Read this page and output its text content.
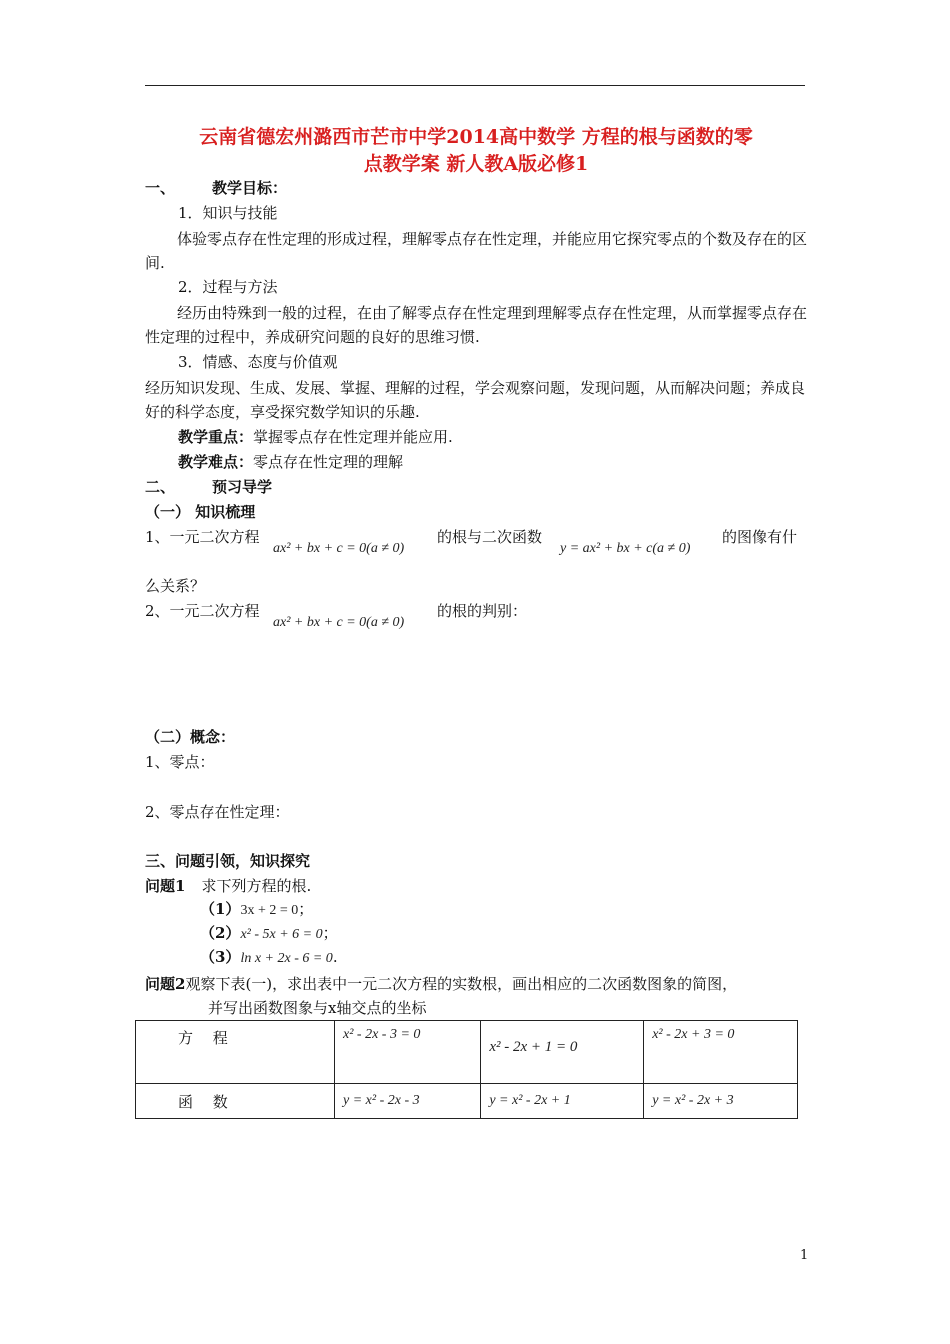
云南省德宏州潞西市芒市中学2014高中数学 方程的根与函数的零
点教学案 新人教A版必修1
一、 教学目标：
1．知识与技能
体验零点存在性定理的形成过程，理解零点存在性定理，并能应用它探究零点的个数及存在的区间.
2．过程与方法
经历由特殊到一般的过程，在由了解零点存在性定理到理解零点存在性定理，从而掌握零点存在性定理的过程中，养成研究问题的良好的思维习惯.
3．情感、态度与价值观
经历知识发现、生成、发展、掌握、理解的过程，学会观察问题，发现问题，从而解决问题；养成良好的科学态度，享受探究数学知识的乐趣.
教学重点：掌握零点存在性定理并能应用.
教学难点：零点存在性定理的理解
二、 预习导学
（一） 知识梳理
1、一元二次方程
ax² + bx + c = 0(a ≠ 0)
的根与二次函数
y = ax² + bx + c(a ≠ 0)
的图像有什
么关系？
2、一元二次方程
ax² + bx + c = 0(a ≠ 0)
的根的判别：
（二）概念：
1、零点：
2、零点存在性定理：
三、问题引领，知识探究
问题1 求下列方程的根.
（1）3x + 2 = 0；
（2）x² - 5x + 6 = 0；
（3）ln x + 2x - 6 = 0.
问题2观察下表(一)，求出表中一元二次方程的实数根，画出相应的二次函数图象的简图，
并写出函数图象与x轴交点的坐标
方　 程	x² - 2x - 3 = 0	x² - 2x + 1 = 0	x² - 2x + 3 = 0
函　 数	y = x² - 2x - 3	y = x² - 2x + 1	y = x² - 2x + 3
1
